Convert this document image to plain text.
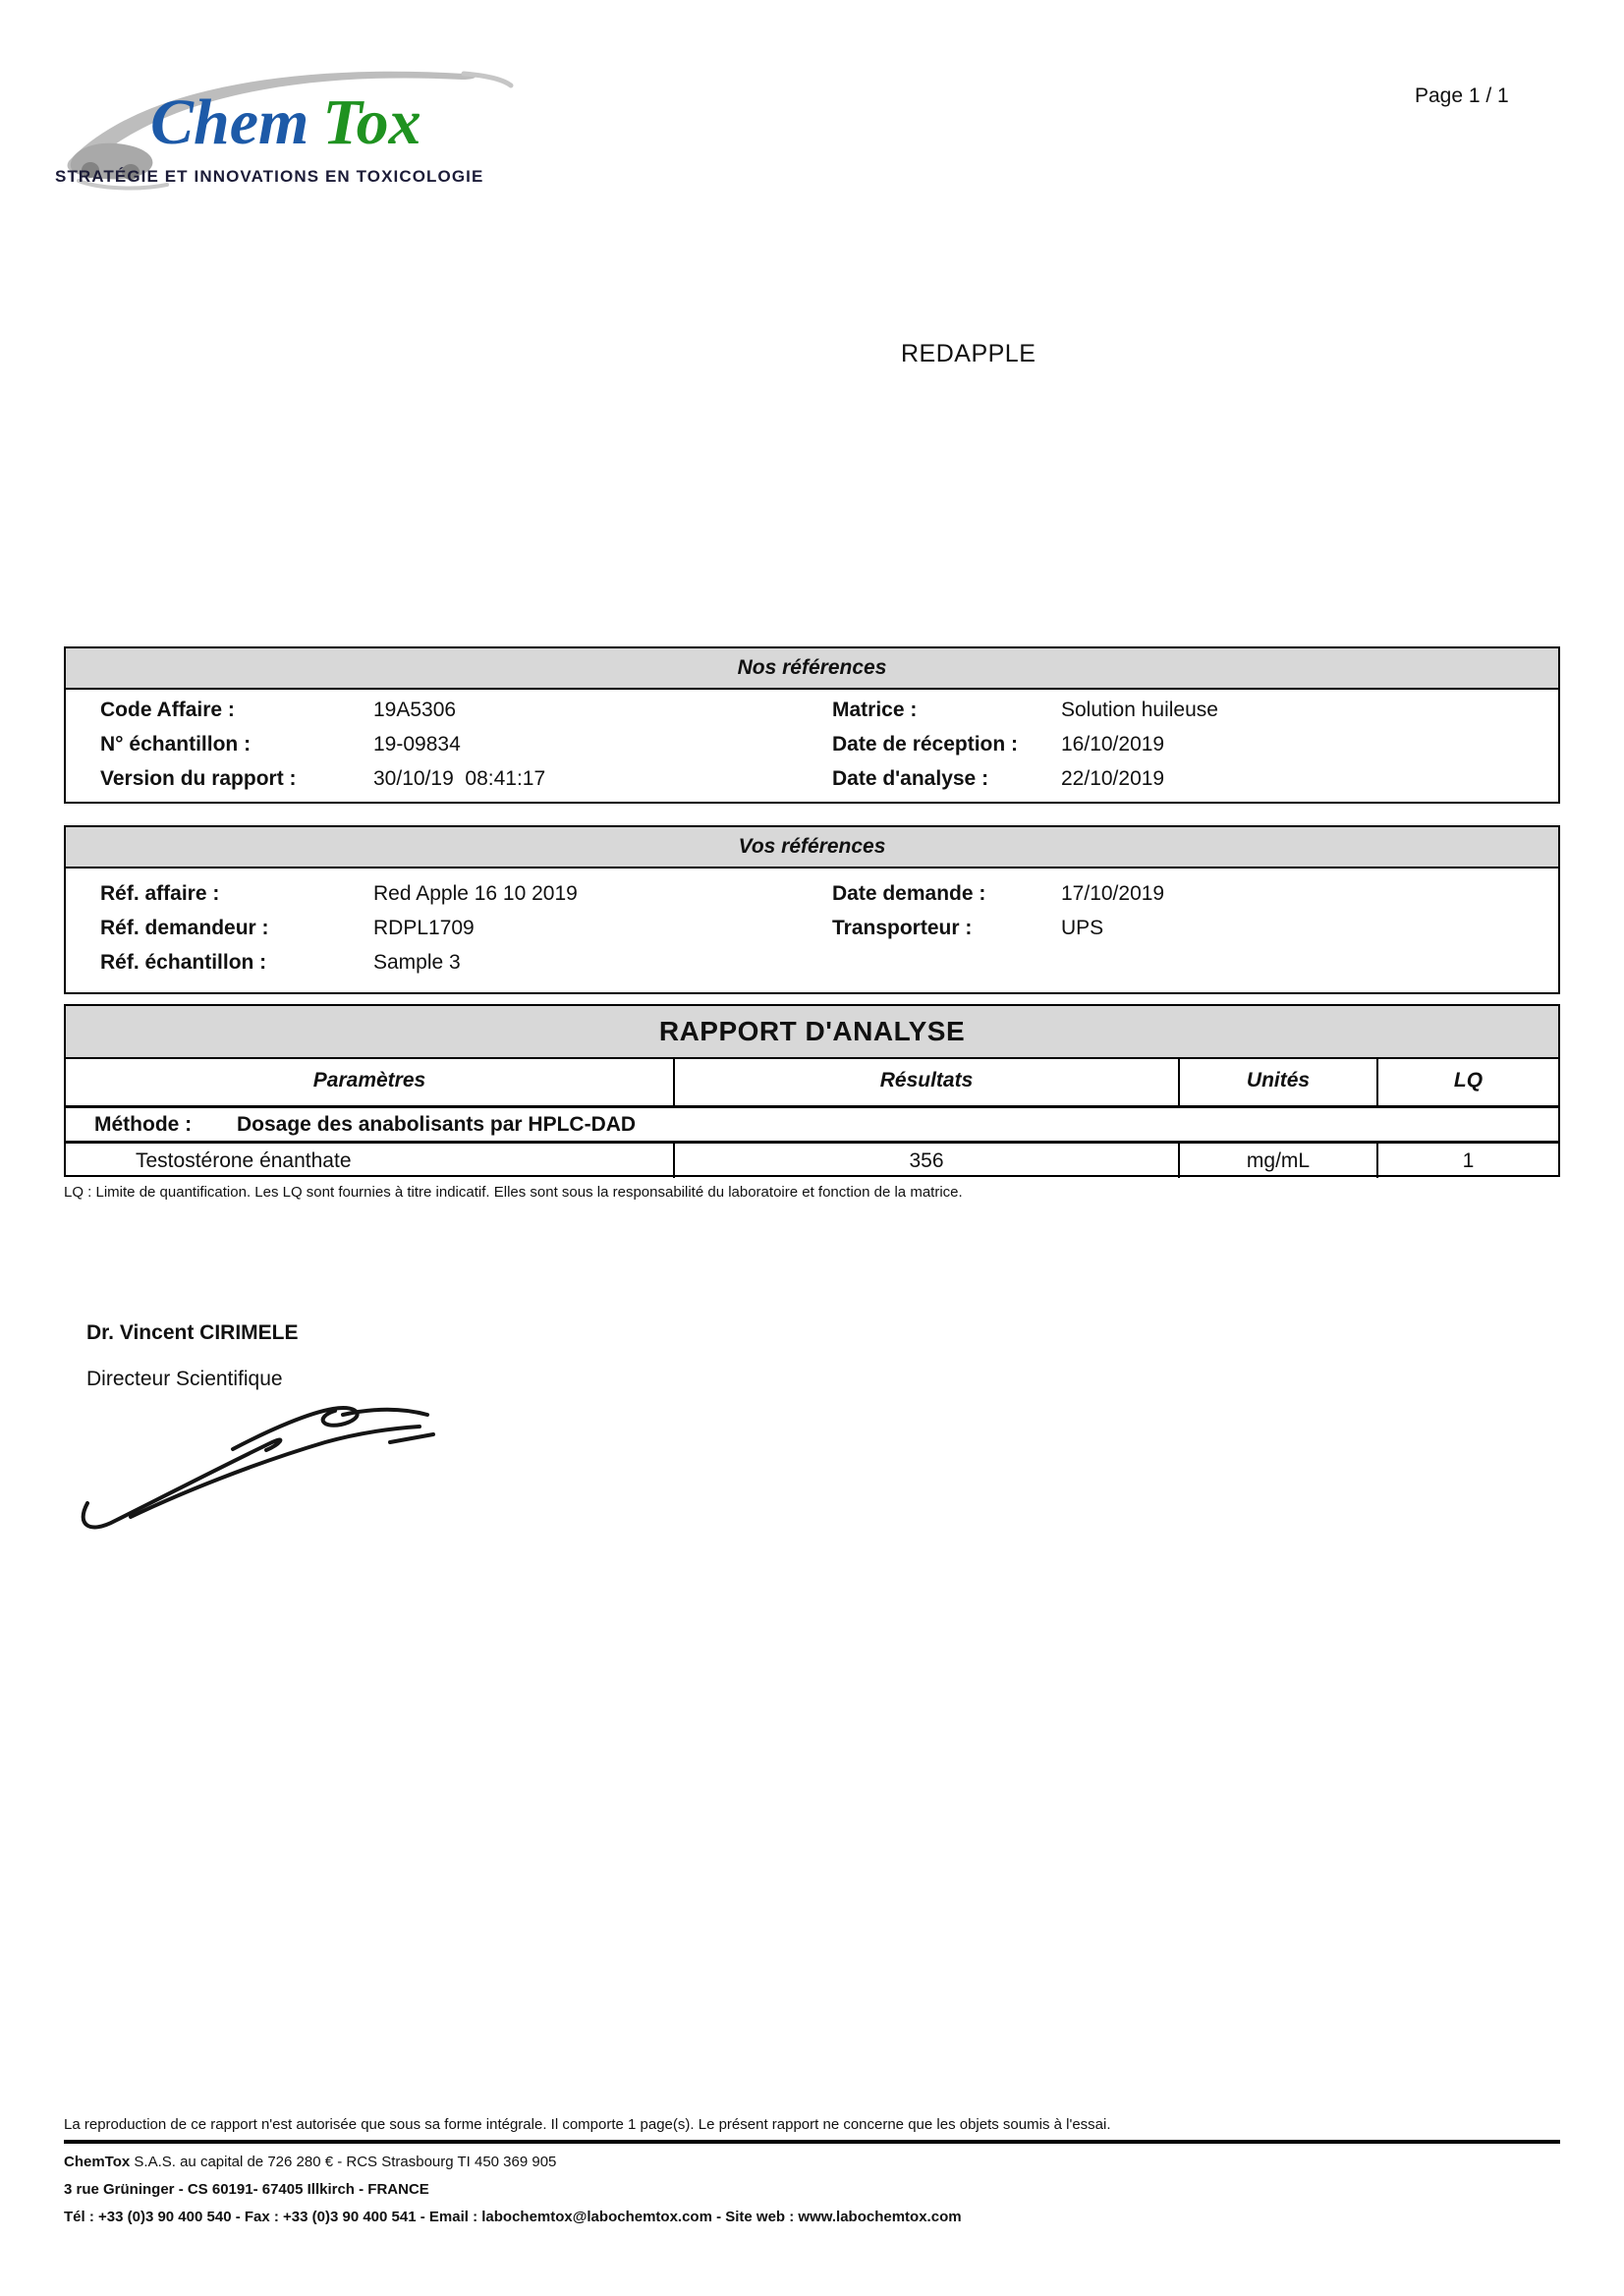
Chem Tox
STRATÉGIE ET INNOVATIONS EN TOXICOLOGIE
Page 1 / 1
REDAPPLE
Nos références
Code Affaire :	19A5306	Matrice :	Solution huileuse
N° échantillon :	19-09834	Date de réception : 16/10/2019
Version du rapport :	30/10/19  08:41:17	Date d'analyse :	22/10/2019
Vos références
Réf. affaire :	Red Apple 16 10 2019	Date demande :	17/10/2019
Réf. demandeur :	RDPL1709	Transporteur :	UPS
Réf. échantillon :	Sample 3
RAPPORT D'ANALYSE
Paramètres	Résultats	Unités	LQ
Méthode : Dosage des anabolisants par HPLC-DAD
Testostérone énanthate	356	mg/mL	1
LQ : Limite de quantification. Les LQ sont fournies à titre indicatif. Elles sont sous la responsabilité du laboratoire et fonction de la matrice.
Dr. Vincent CIRIMELE
Directeur Scientifique
La reproduction de ce rapport n'est autorisée que sous sa forme intégrale. Il comporte 1 page(s). Le présent rapport ne concerne que les objets soumis à l'essai.
ChemTox S.A.S. au capital de 726 280 € - RCS Strasbourg TI 450 369 905
3 rue Grüninger - CS 60191- 67405 Illkirch - FRANCE
Tél : +33 (0)3 90 400 540 - Fax : +33 (0)3 90 400 541 - Email : labochemtox@labochemtox.com - Site web : www.labochemtox.com
